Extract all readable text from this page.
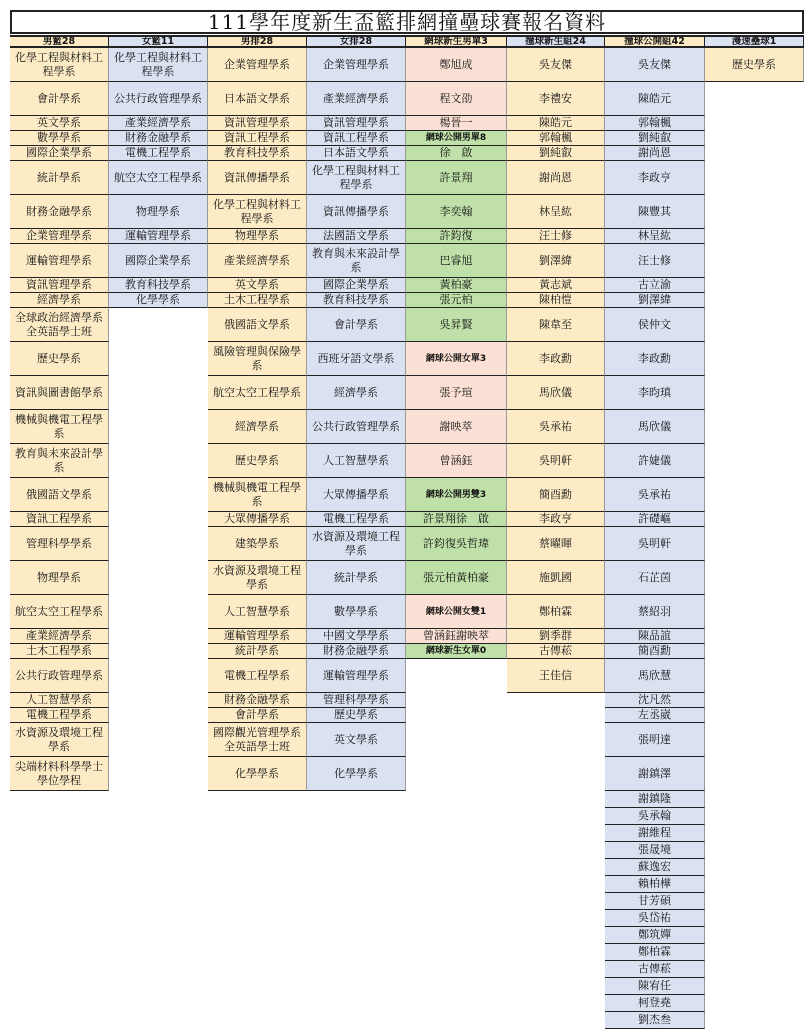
111學年度新生盃籃排網撞壘球賽報名資料
男籃28
化學工程與材料工程學系
會計學系
英文學系
數學學系
國際企業學系
統計學系
財務金融學系
企業管理學系
運輸管理學系
資訊管理學系
經濟學系
全球政治經濟學系全英語學士班
歷史學系
資訊與圖書館學系
機械與機電工程學系
教育與未來設計學系
俄國語文學系
資訊工程學系
管理科學學系
物理學系
航空太空工程學系
產業經濟學系
土木工程學系
公共行政管理學系
人工智慧學系
電機工程學系
水資源及環境工程學系
尖端材料科學學士學位學程
女籃11
化學工程與材料工程學系
公共行政管理學系
產業經濟學系
財務金融學系
電機工程學系
航空太空工程學系
物理學系
運輸管理學系
國際企業學系
教育科技學系
化學學系
男排28
企業管理學系
日本語文學系
資訊管理學系
資訊工程學系
教育科技學系
資訊傳播學系
化學工程與材料工程學系
物理學系
產業經濟學系
英文學系
土木工程學系
俄國語文學系
風險管理與保險學系
航空太空工程學系
經濟學系
歷史學系
機械與機電工程學系
大眾傳播學系
建築學系
水資源及環境工程學系
人工智慧學系
運輸管理學系
統計學系
電機工程學系
財務金融學系
會計學系
國際觀光管理學系全英語學士班
化學學系
女排28
企業管理學系
產業經濟學系
資訊管理學系
資訊工程學系
日本語文學系
化學工程與材料工程學系
資訊傳播學系
法國語文學系
教育與未來設計學系
國際企業學系
教育科技學系
會計學系
西班牙語文學系
經濟學系
公共行政管理學系
人工智慧學系
大眾傳播學系
電機工程學系
水資源及環境工程學系
統計學系
數學學系
中國文學學系
財務金融學系
運輸管理學系
管理科學學系
歷史學系
英文學系
化學學系
網球新生男單3
鄭旭成
程文劭
楊晉一
網球公開男單8
徐　啟
許景翔
李奕翰
許鈞復
巴睿旭
黃柏豪
張元柏
吳昇賢
網球公開女單3
張予瑄
謝映萃
曾涵鈺
網球公開男雙3
許景翔徐　啟
許鈞復吳哲瑋
張元柏黃柏豪
網球公開女雙1
曾涵鈺謝映萃
網球新生女單0
撞球新生組24
吳友傑
李禮安
陳皓元
郭翰楓
劉純叡
謝尚恩
林呈紘
汪士修
劉澤緯
黃志斌
陳柏愷
陳韋至
李政勳
馬欣儀
吳承祐
吳明軒
簡酉勳
李政亨
蔡曜暉
施凱國
鄭柏霖
劉季群
古傳菘
王佳信
撞球公開組42
吳友傑
陳皓元
郭翰楓
劉純叡
謝尚恩
李政亨
陳豐其
林呈紘
汪士修
古立渝
劉澤緯
侯仲文
李政勳
李昀瑱
馬欣儀
許婕儀
吳承祐
許礎嶇
吳明軒
石芷茵
蔡紹羽
陳品誼
簡酉勳
馬欣慧
沈凡然
左丞崴
張明達
謝鎮澤
謝鎮隆
吳承翰
謝維程
張晟境
蘇逸宏
賴柏樺
甘芳碩
吳岱祐
鄭筑嬋
鄭柏霖
古傳菘
陳宥任
柯登堯
劉杰叁
漫速壘球1
歷史學系
